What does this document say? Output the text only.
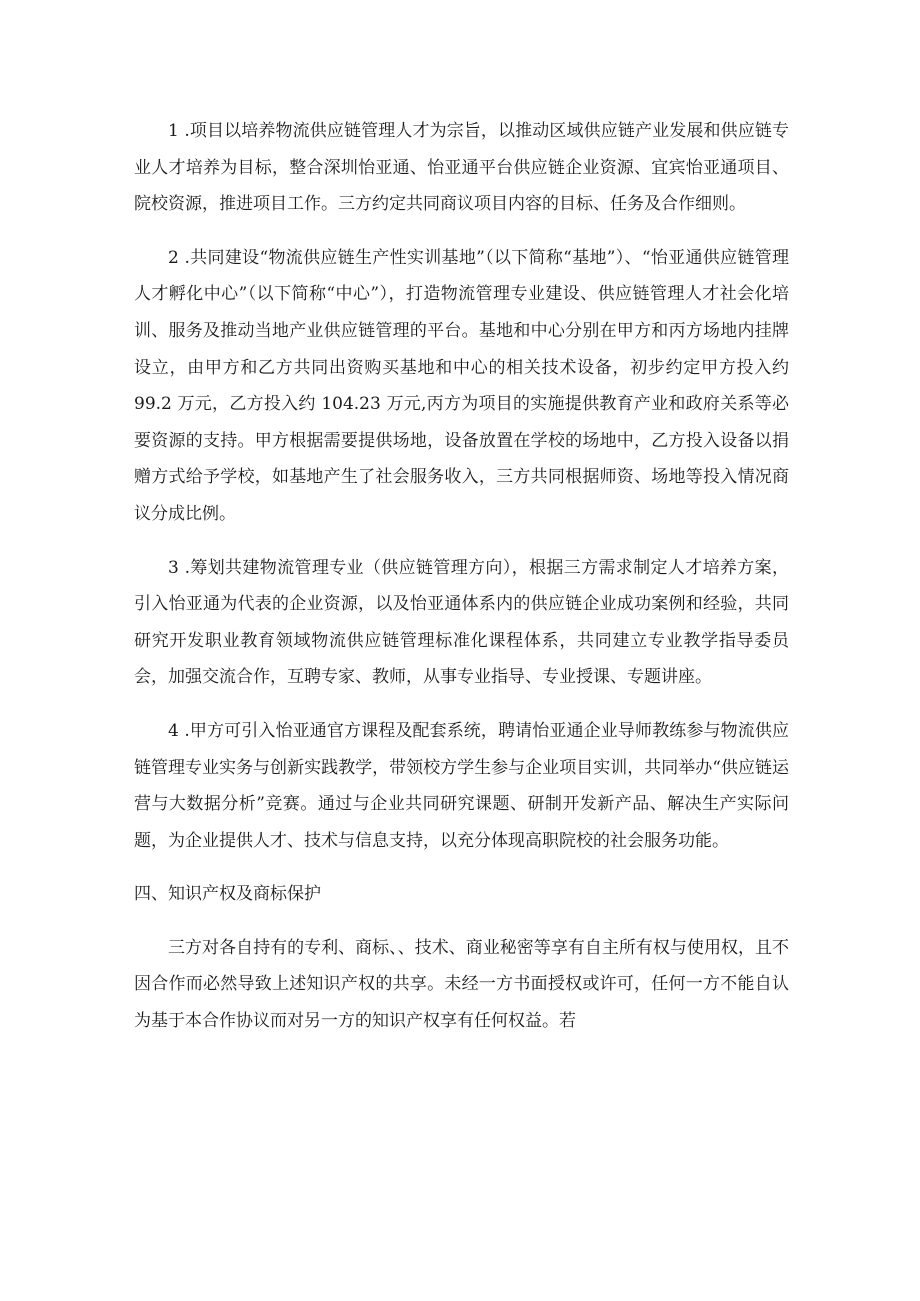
1 .项目以培养物流供应链管理人才为宗旨，以推动区域供应链产业发展和供应链专业人才培养为目标，整合深圳怡亚通、怡亚通平台供应链企业资源、宜宾怡亚通项目、院校资源，推进项目工作。三方约定共同商议项目内容的目标、任务及合作细则。

2 .共同建设“物流供应链生产性实训基地”（以下简称“基地”）、“怡亚通供应链管理人才孵化中心”（以下简称“中心”），打造物流管理专业建设、供应链管理人才社会化培训、服务及推动当地产业供应链管理的平台。基地和中心分别在甲方和丙方场地内挂牌设立，由甲方和乙方共同出资购买基地和中心的相关技术设备，初步约定甲方投入约 99.2 万元，乙方投入约 104.23 万元,丙方为项目的实施提供教育产业和政府关系等必要资源的支持。甲方根据需要提供场地，设备放置在学校的场地中，乙方投入设备以捐赠方式给予学校，如基地产生了社会服务收入，三方共同根据师资、场地等投入情况商议分成比例。

3 .筹划共建物流管理专业（供应链管理方向），根据三方需求制定人才培养方案，引入怡亚通为代表的企业资源，以及怡亚通体系内的供应链企业成功案例和经验，共同研究开发职业教育领域物流供应链管理标准化课程体系，共同建立专业教学指导委员会，加强交流合作，互聘专家、教师，从事专业指导、专业授课、专题讲座。

4 .甲方可引入怡亚通官方课程及配套系统，聘请怡亚通企业导师教练参与物流供应链管理专业实务与创新实践教学，带领校方学生参与企业项目实训，共同举办“供应链运营与大数据分析”竞赛。通过与企业共同研究课题、研制开发新产品、解决生产实际问题，为企业提供人才、技术与信息支持，以充分体现高职院校的社会服务功能。

四、知识产权及商标保护

三方对各自持有的专利、商标、、技术、商业秘密等享有自主所有权与使用权，且不因合作而必然导致上述知识产权的共享。未经一方书面授权或许可，任何一方不能自认为基于本合作协议而对另一方的知识产权享有任何权益。若
